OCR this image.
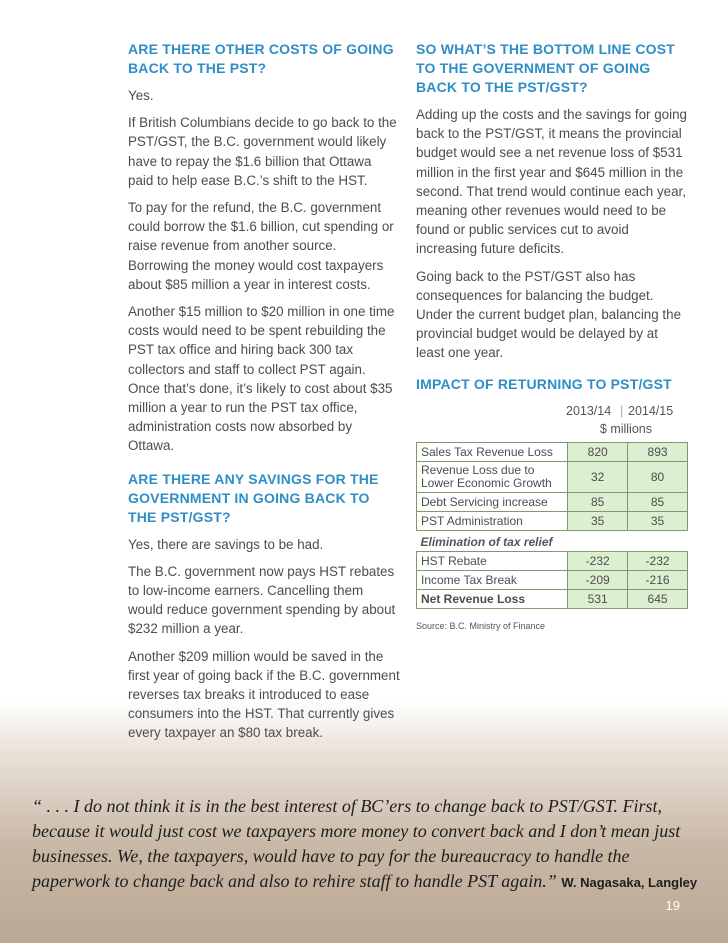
ARE THERE OTHER COSTS OF GOING BACK TO THE PST?

Yes.

If British Columbians decide to go back to the PST/GST, the B.C. government would likely have to repay the $1.6 billion that Ottawa paid to help ease B.C.’s shift to the HST.

To pay for the refund, the B.C. government could borrow the $1.6 billion, cut spending or raise revenue from another source. Borrowing the money would cost taxpayers about $85 million a year in interest costs.

Another $15 million to $20 million in one time costs would need to be spent rebuilding the PST tax office and hiring back 300 tax collectors and staff to collect PST again. Once that’s done, it’s likely to cost about $35 million a year to run the PST tax office, administration costs now absorbed by Ottawa.

ARE THERE ANY SAVINGS FOR THE GOVERNMENT IN GOING BACK TO THE PST/GST?

Yes, there are savings to be had.

The B.C. government now pays HST rebates to low-income earners. Cancelling them would reduce government spending by about $232 million a year.

Another $209 million would be saved in the first year of going back if the B.C. government reverses tax breaks it introduced to ease consumers into the HST. That currently gives every taxpayer an $80 tax break.

SO WHAT’S THE BOTTOM LINE COST TO THE GOVERNMENT OF GOING BACK TO THE PST/GST?

Adding up the costs and the savings for going back to the PST/GST, it means the provincial budget would see a net revenue loss of $531 million in the first year and $645 million in the second. That trend would continue each year, meaning other revenues would need to be found or public services cut to avoid increasing future deficits.

Going back to the PST/GST also has consequences for balancing the budget. Under the current budget plan, balancing the provincial budget would be delayed by at least one year.

IMPACT OF RETURNING TO PST/GST
2013/14 | 2014/15
$ millions
Sales Tax Revenue Loss	820	893
Revenue Loss due to Lower Economic Growth	32	80
Debt Servicing increase	85	85
PST Administration	35	35
Elimination of tax relief		
HST Rebate	-232	-232
Income Tax Break	-209	-216
Net Revenue Loss	531	645
Source: B.C. Ministry of Finance
“ . . . I do not think it is in the best interest of BC’ers to change back to PST/GST. First, because it would just cost we taxpayers more money to convert back and I don’t mean just businesses. We, the taxpayers, would have to pay for the bureaucracy to handle the paperwork to change back and also to rehire staff to handle PST again.” W. Nagasaka, Langley
19
